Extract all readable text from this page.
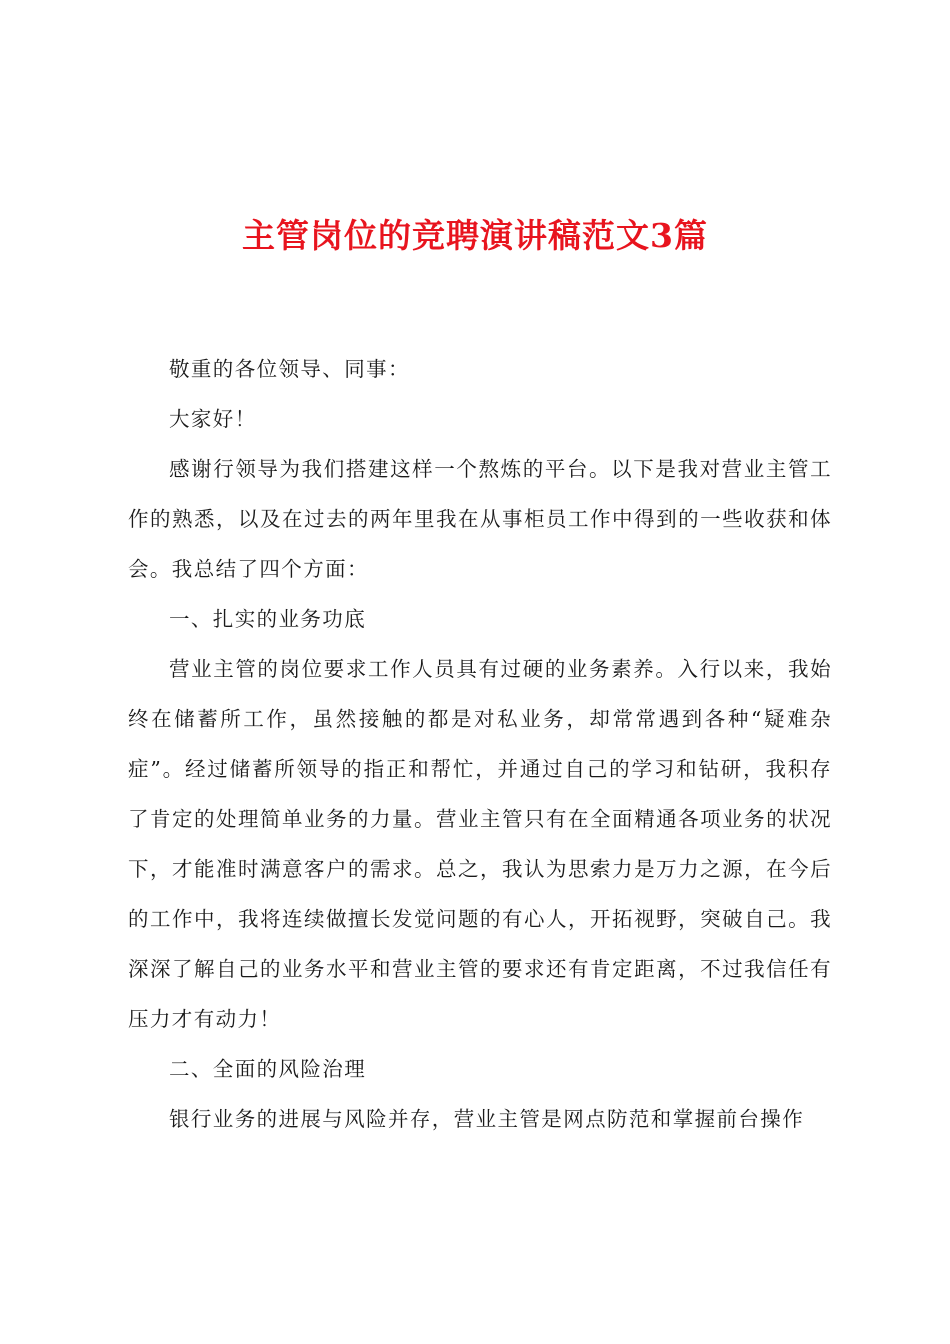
主管岗位的竞聘演讲稿范文3篇

敬重的各位领导、同事：

大家好！

感谢行领导为我们搭建这样一个熬炼的平台。以下是我对营业主管工作的熟悉，以及在过去的两年里我在从事柜员工作中得到的一些收获和体会。我总结了四个方面：

一、扎实的业务功底

营业主管的岗位要求工作人员具有过硬的业务素养。入行以来，我始终在储蓄所工作，虽然接触的都是对私业务，却常常遇到各种“疑难杂症”。经过储蓄所领导的指正和帮忙，并通过自己的学习和钻研，我积存了肯定的处理简单业务的力量。营业主管只有在全面精通各项业务的状况下，才能准时满意客户的需求。总之，我认为思索力是万力之源，在今后的工作中，我将连续做擅长发觉问题的有心人，开拓视野，突破自己。我深深了解自己的业务水平和营业主管的要求还有肯定距离，不过我信任有压力才有动力！

二、全面的风险治理

银行业务的进展与风险并存，营业主管是网点防范和掌握前台操作
